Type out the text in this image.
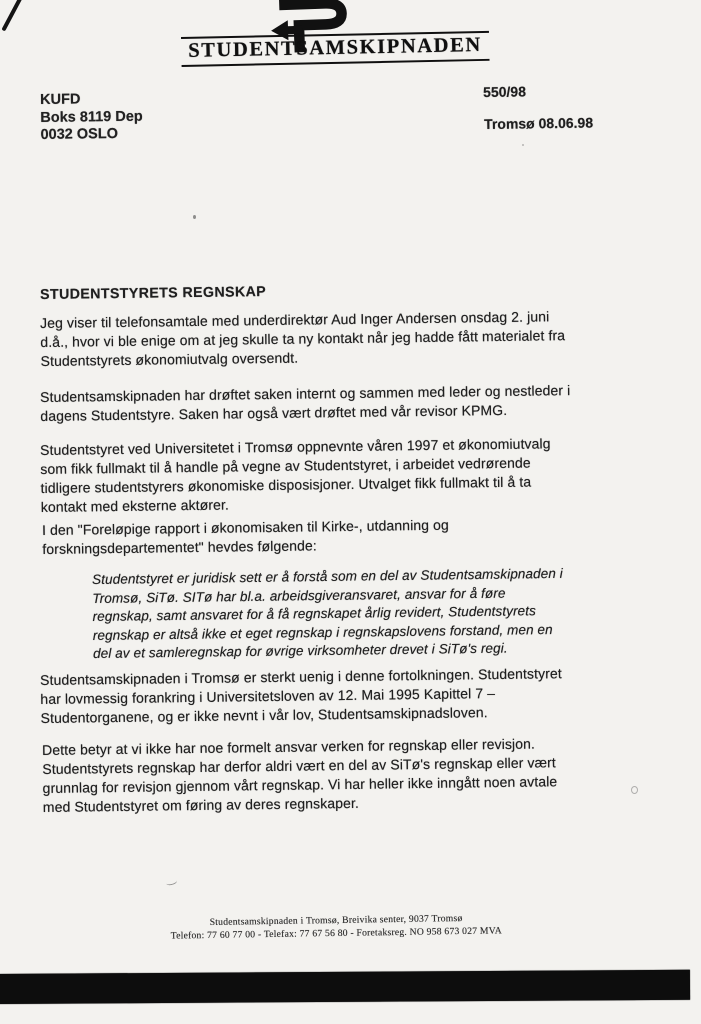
STUDENTSAMSKIPNADEN
550/98
Tromsø 08.06.98
KUFD
Boks 8119 Dep
0032 OSLO
STUDENTSTYRETS REGNSKAP
Jeg viser til telefonsamtale med underdirektør Aud Inger Andersen onsdag 2. juni
d.å., hvor vi ble enige om at jeg skulle ta ny kontakt når jeg hadde fått materialet fra
Studentstyrets økonomiutvalg oversendt.
Studentsamskipnaden har drøftet saken internt og sammen med leder og nestleder i
dagens Studentstyre. Saken har også vært drøftet med vår revisor KPMG.
Studentstyret ved Universitetet i Tromsø oppnevnte våren 1997 et økonomiutvalg
som fikk fullmakt til å handle på vegne av Studentstyret, i arbeidet vedrørende
tidligere studentstyrers økonomiske disposisjoner. Utvalget fikk fullmakt til å ta
kontakt med eksterne aktører.
I den "Foreløpige rapport i økonomisaken til Kirke-, utdanning og
forskningsdepartementet" hevdes følgende:
Studentstyret er juridisk sett er å forstå som en del av Studentsamskipnaden i
Tromsø, SiTø. SITø har bl.a. arbeidsgiveransvaret, ansvar for å føre
regnskap, samt ansvaret for å få regnskapet årlig revidert, Studentstyrets
regnskap er altså ikke et eget regnskap i regnskapslovens forstand, men en
del av et samleregnskap for øvrige virksomheter drevet i SiTø's regi.
Studentsamskipnaden i Tromsø er sterkt uenig i denne fortolkningen. Studentstyret
har lovmessig forankring i Universitetsloven av 12. Mai 1995 Kapittel 7 –
Studentorganene, og er ikke nevnt i vår lov, Studentsamskipnadsloven.
Dette betyr at vi ikke har noe formelt ansvar verken for regnskap eller revisjon.
Studentstyrets regnskap har derfor aldri vært en del av SiTø's regnskap eller vært
grunnlag for revisjon gjennom vårt regnskap. Vi har heller ikke inngått noen avtale
med Studentstyret om føring av deres regnskaper.
Studentsamskipnaden i Tromsø, Breivika senter, 9037 Tromsø
Telefon: 77 60 77 00 - Telefax: 77 67 56 80 - Foretaksreg. NO 958 673 027 MVA
